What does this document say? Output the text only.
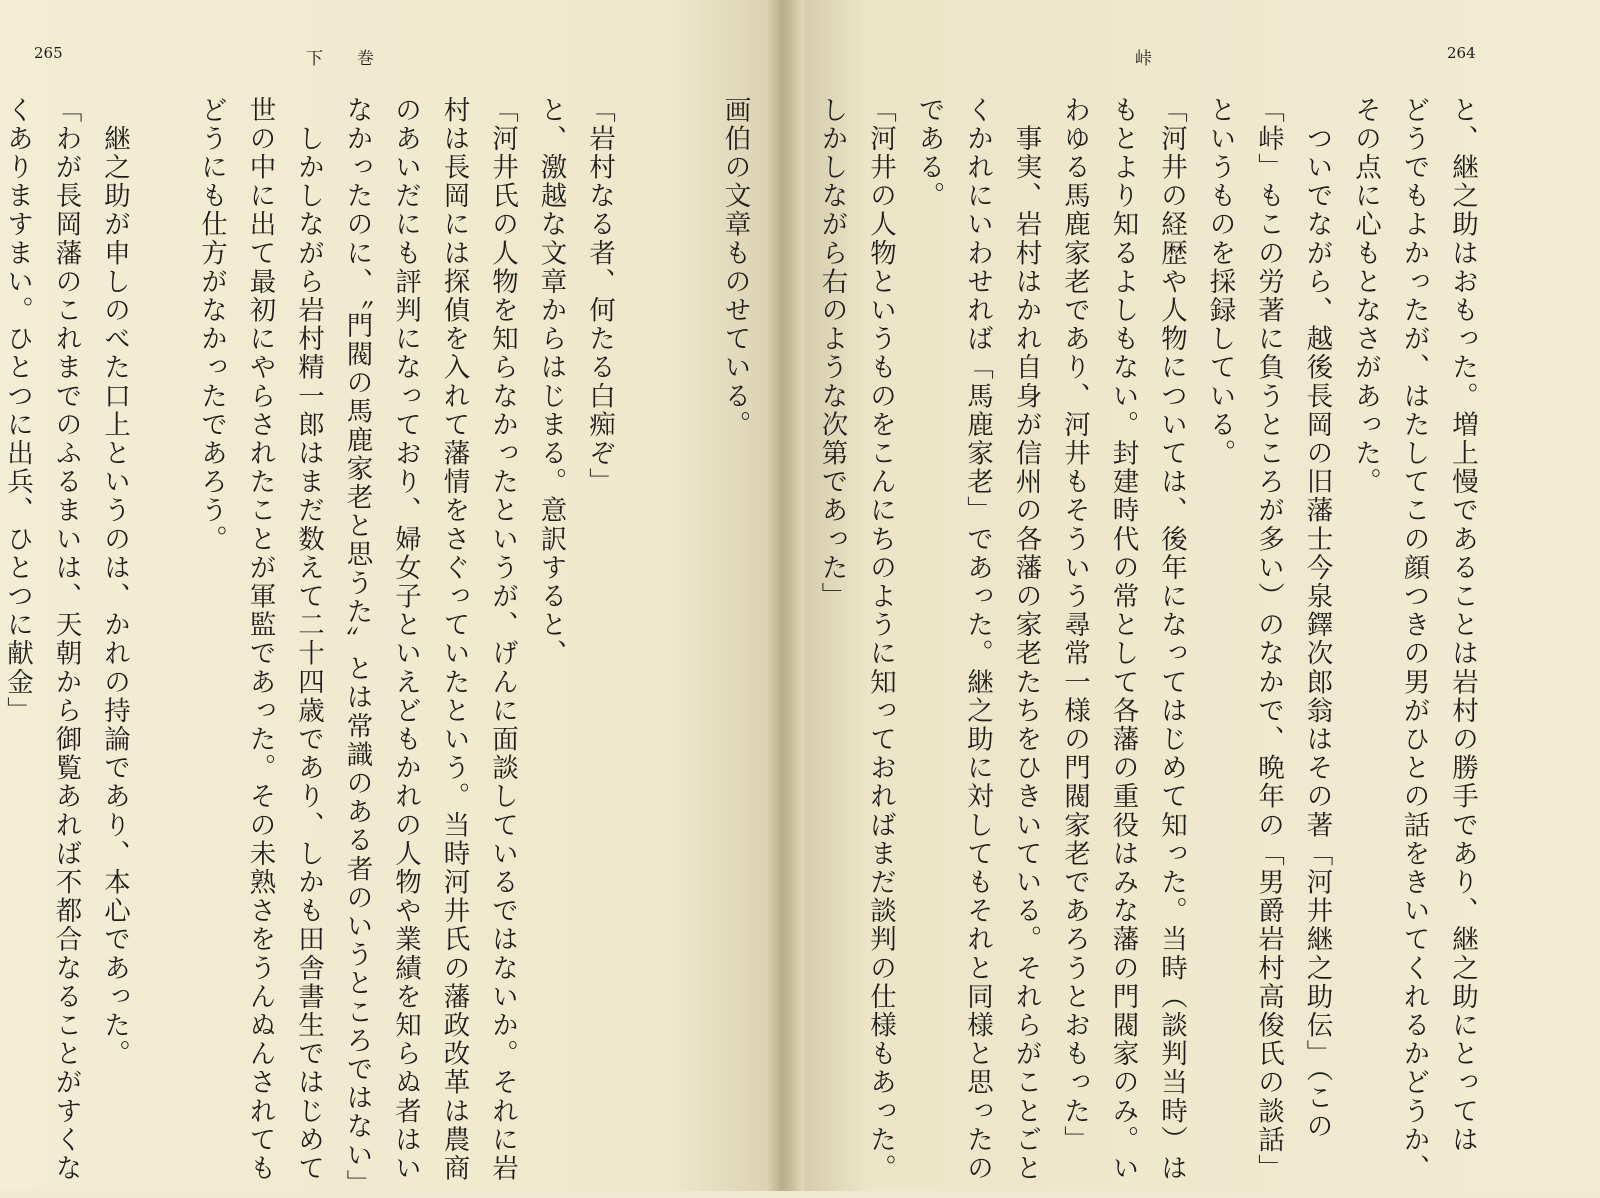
265	下　　巻
「岩村なる者、何たる白痴ぞ」
と、激越な文章からはじまる。意訳すると、
「河井氏の人物を知らなかったというが、げんに面談しているではないか。それに岩
村は長岡には探偵を入れて藩情をさぐっていたという。当時河井氏の藩政改革は農商
のあいだにも評判になっており、婦女子といえどもかれの人物や業績を知らぬ者はい
なかったのに、〝門閥の馬鹿家老と思うた〟とは常識のある者のいうところではない」
　しかしながら岩村精一郎はまだ数えて二十四歳であり、しかも田舎書生ではじめて
世の中に出て最初にやらされたことが軍監であった。その未熟さをうんぬんされても
どうにも仕方がなかったであろう。

　継之助が申しのべた口上というのは、かれの持論であり、本心であった。
「わが長岡藩のこれまでのふるまいは、天朝から御覧あれば不都合なることがすくな
くありますまい。ひとつに出兵、ひとつに献金」
峠	264
と、継之助はおもった。増上慢であることは岩村の勝手であり、継之助にとっては
どうでもよかったが、はたしてこの顔つきの男がひとの話をきいてくれるかどうか、
その点に心もとなさがあった。
　ついでながら、越後長岡の旧藩士今泉鐸次郎翁はその著「河井継之助伝」（この
「峠」もこの労著に負うところが多い）のなかで、晩年の「男爵岩村高俊氏の談話」
というものを採録している。
「河井の経歴や人物については、後年になってはじめて知った。当時（談判当時）は
もとより知るよしもない。封建時代の常として各藩の重役はみな藩の門閥家のみ。い
わゆる馬鹿家老であり、河井もそういう尋常一様の門閥家老であろうとおもった」
　事実、岩村はかれ自身が信州の各藩の家老たちをひきいている。それらがことごと
くかれにいわせれば「馬鹿家老」であった。継之助に対してもそれと同様と思ったの
である。
「河井の人物というものをこんにちのように知っておればまだ談判の仕様もあった。
しかしながら右のような次第であった」
画伯の文章ものせている。
